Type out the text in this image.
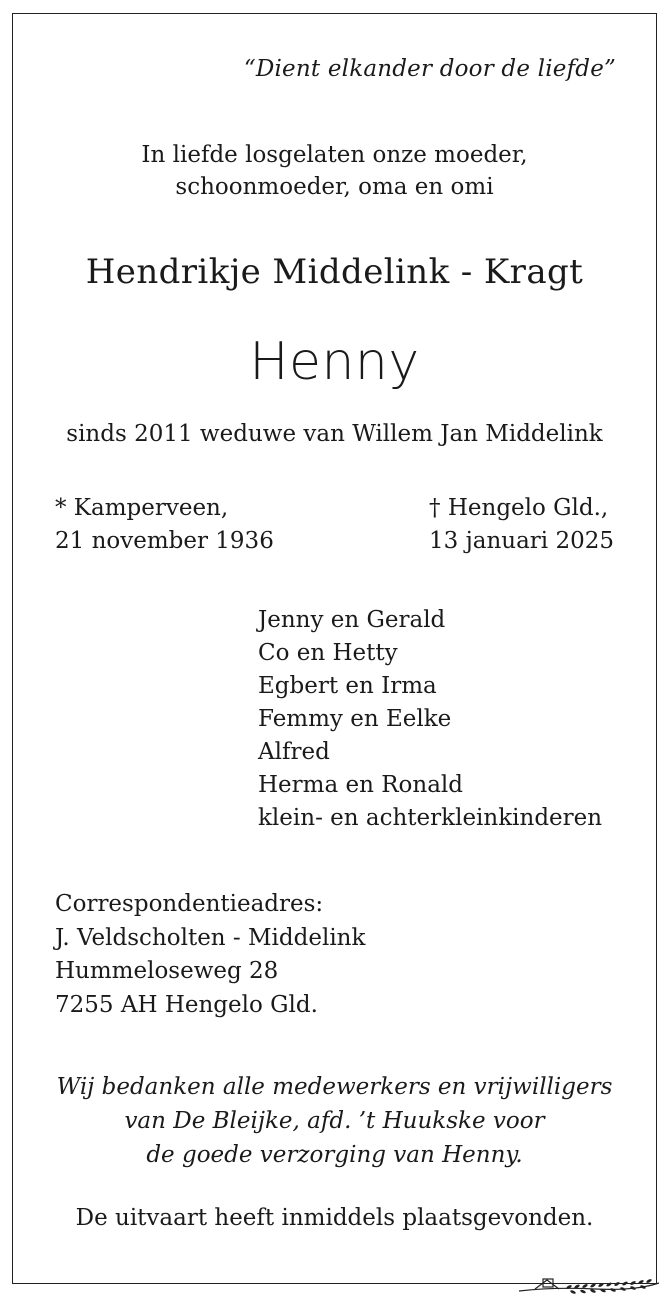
“Dient elkander door de liefde”
In liefde losgelaten onze moeder,
schoonmoeder, oma en omi
Hendrikje Middelink - Kragt
Henny
sinds 2011 weduwe van Willem Jan Middelink
* Kamperveen,
21 november 1936
† Hengelo Gld.,
13 januari 2025
Jenny en Gerald
Co en Hetty
Egbert en Irma
Femmy en Eelke
Alfred
Herma en Ronald
klein- en achterkleinkinderen
Correspondentieadres:
J. Veldscholten - Middelink
Hummeloseweg 28
7255 AH Hengelo Gld.
Wij bedanken alle medewerkers en vrijwilligers
van De Bleijke, afd. ’t Huukske voor
de goede verzorging van Henny.
De uitvaart heeft inmiddels plaatsgevonden.
